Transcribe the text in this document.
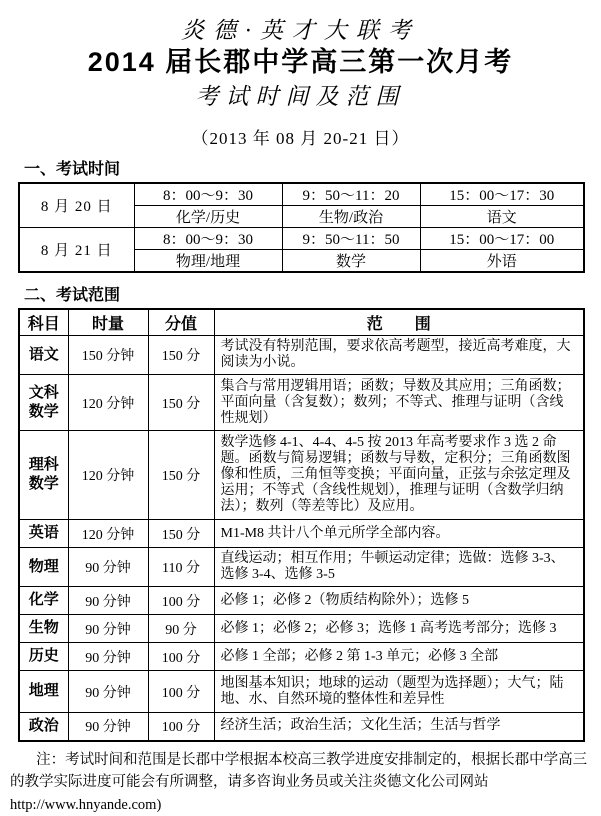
炎德·英才大联考
2014 届长郡中学高三第一次月考
考试时间及范围
（2013 年 08 月 20-21 日）
一、考试时间
8 月 20 日	8：00～9：30	9：50～11：20	15：00～17：30
	化学/历史	生物/政治	语文
8 月 21 日	8：00～9：30	9：50～11：50	15：00～17：00
	物理/地理	数学	外语
二、考试范围
科目	时量	分值	范　　围
语文	150 分钟	150 分	考试没有特别范围，要求依高考题型，接近高考难度，大阅读为小说。
文科数学	120 分钟	150 分	集合与常用逻辑用语；函数；导数及其应用；三角函数；平面向量（含复数）；数列；不等式、推理与证明（含线性规划）
理科数学	120 分钟	150 分	数学选修 4-1、4-4、4-5 按 2013 年高考要求作 3 选 2 命题。函数与简易逻辑；函数与导数，定积分；三角函数图像和性质，三角恒等变换；平面向量，正弦与余弦定理及运用；不等式（含线性规划），推理与证明（含数学归纳法）；数列（等差等比）及应用。
英语	120 分钟	150 分	M1-M8 共计八个单元所学全部内容。
物理	90 分钟	110 分	直线运动；相互作用；牛顿运动定律；选做：选修 3-3、选修 3-4、选修 3-5
化学	90 分钟	100 分	必修 1；必修 2（物质结构除外）；选修 5
生物	90 分钟	90 分	必修 1；必修 2；必修 3；选修 1 高考选考部分；选修 3
历史	90 分钟	100 分	必修 1 全部；必修 2 第 1-3 单元；必修 3 全部
地理	90 分钟	100 分	地图基本知识；地球的运动（题型为选择题）；大气；陆地、水、自然环境的整体性和差异性
政治	90 分钟	100 分	经济生活；政治生活；文化生活；生活与哲学
注：考试时间和范围是长郡中学根据本校高三教学进度安排制定的，根据长郡中学高三的教学实际进度可能会有所调整，请多咨询业务员或关注炎德文化公司网站 http://www.hnyande.com)
